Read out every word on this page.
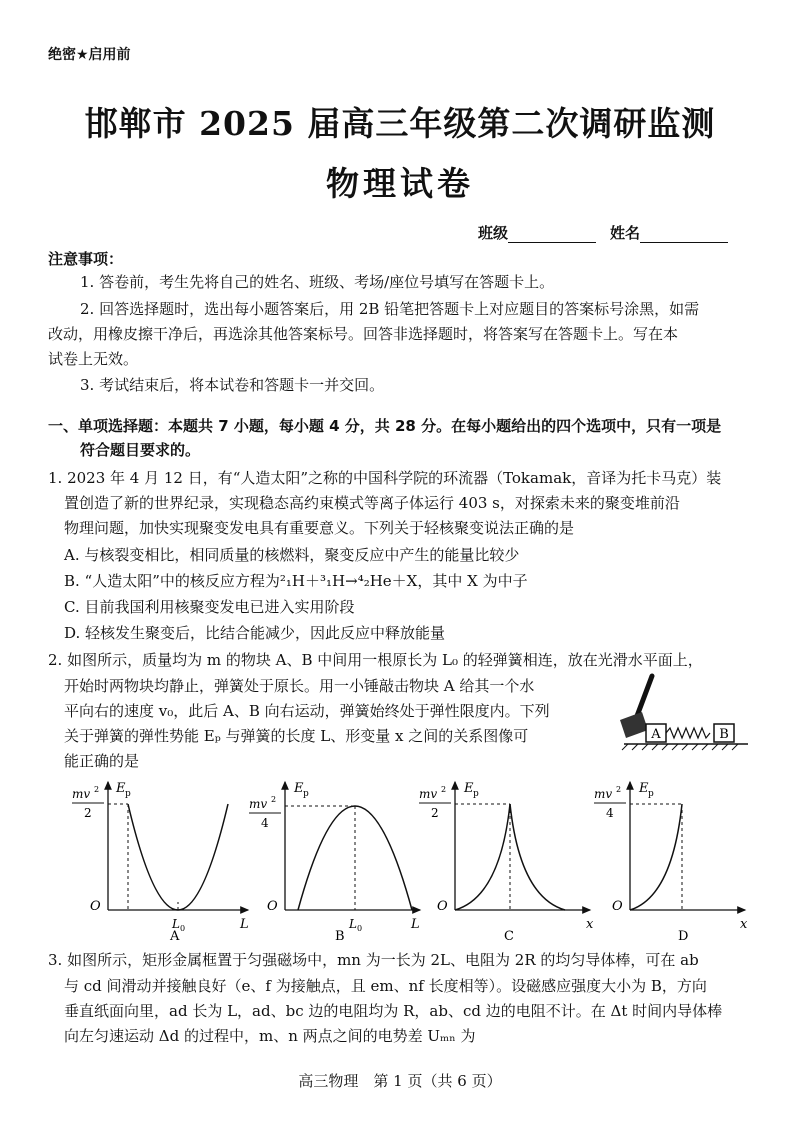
绝密★启用前
邯郸市 2025 届高三年级第二次调研监测
物理试卷
班级	姓名
注意事项：
1. 答卷前，考生先将自己的姓名、班级、考场/座位号填写在答题卡上。
2. 回答选择题时，选出每小题答案后，用 2B 铅笔把答题卡上对应题目的答案标号涂黑，如需
改动，用橡皮擦干净后，再选涂其他答案标号。回答非选择题时，将答案写在答题卡上。写在本
试卷上无效。
3. 考试结束后，将本试卷和答题卡一并交回。
一、单项选择题：本题共 7 小题，每小题 4 分，共 28 分。在每小题给出的四个选项中，只有一项是
符合题目要求的。
1. 2023 年 4 月 12 日，有“人造太阳”之称的中国科学院的环流器（Tokamak，音译为托卡马克）装
置创造了新的世界纪录，实现稳态高约束模式等离子体运行 403 s，对探索未来的聚变堆前沿
物理问题，加快实现聚变发电具有重要意义。下列关于轻核聚变说法正确的是
A. 与核裂变相比，相同质量的核燃料，聚变反应中产生的能量比较少
B. “人造太阳”中的核反应方程为²₁H＋³₁H→⁴₂He＋X，其中 X 为中子
C. 目前我国利用核聚变发电已进入实用阶段
D. 轻核发生聚变后，比结合能减少，因此反应中释放能量
2. 如图所示，质量均为 m 的物块 A、B 中间用一根原长为 L₀ 的轻弹簧相连，放在光滑水平面上，
开始时两物块均静止，弹簧处于原长。用一小锤敲击物块 A 给其一个水
平向右的速度 v₀，此后 A、B 向右运动，弹簧始终处于弹性限度内。下列
关于弹簧的弹性势能 Eₚ 与弹簧的长度 L、形变量 x 之间的关系图像可
能正确的是
A	B
E p
mv 2
2
O
L 0	L
A
E p
mv 2
4
O
L 0	L
B
E p
mv 2
2
O
x
C
E p
mv 2
4
O
x
D
3. 如图所示，矩形金属框置于匀强磁场中，mn 为一长为 2L、电阻为 2R 的均匀导体棒，可在 ab
与 cd 间滑动并接触良好（e、f 为接触点，且 em、nf 长度相等）。设磁感应强度大小为 B，方向
垂直纸面向里，ad 长为 L，ad、bc 边的电阻均为 R，ab、cd 边的电阻不计。在 Δt 时间内导体棒
向左匀速运动 Δd 的过程中，m、n 两点之间的电势差 Uₘₙ 为
高三物理　第 1 页（共 6 页）
